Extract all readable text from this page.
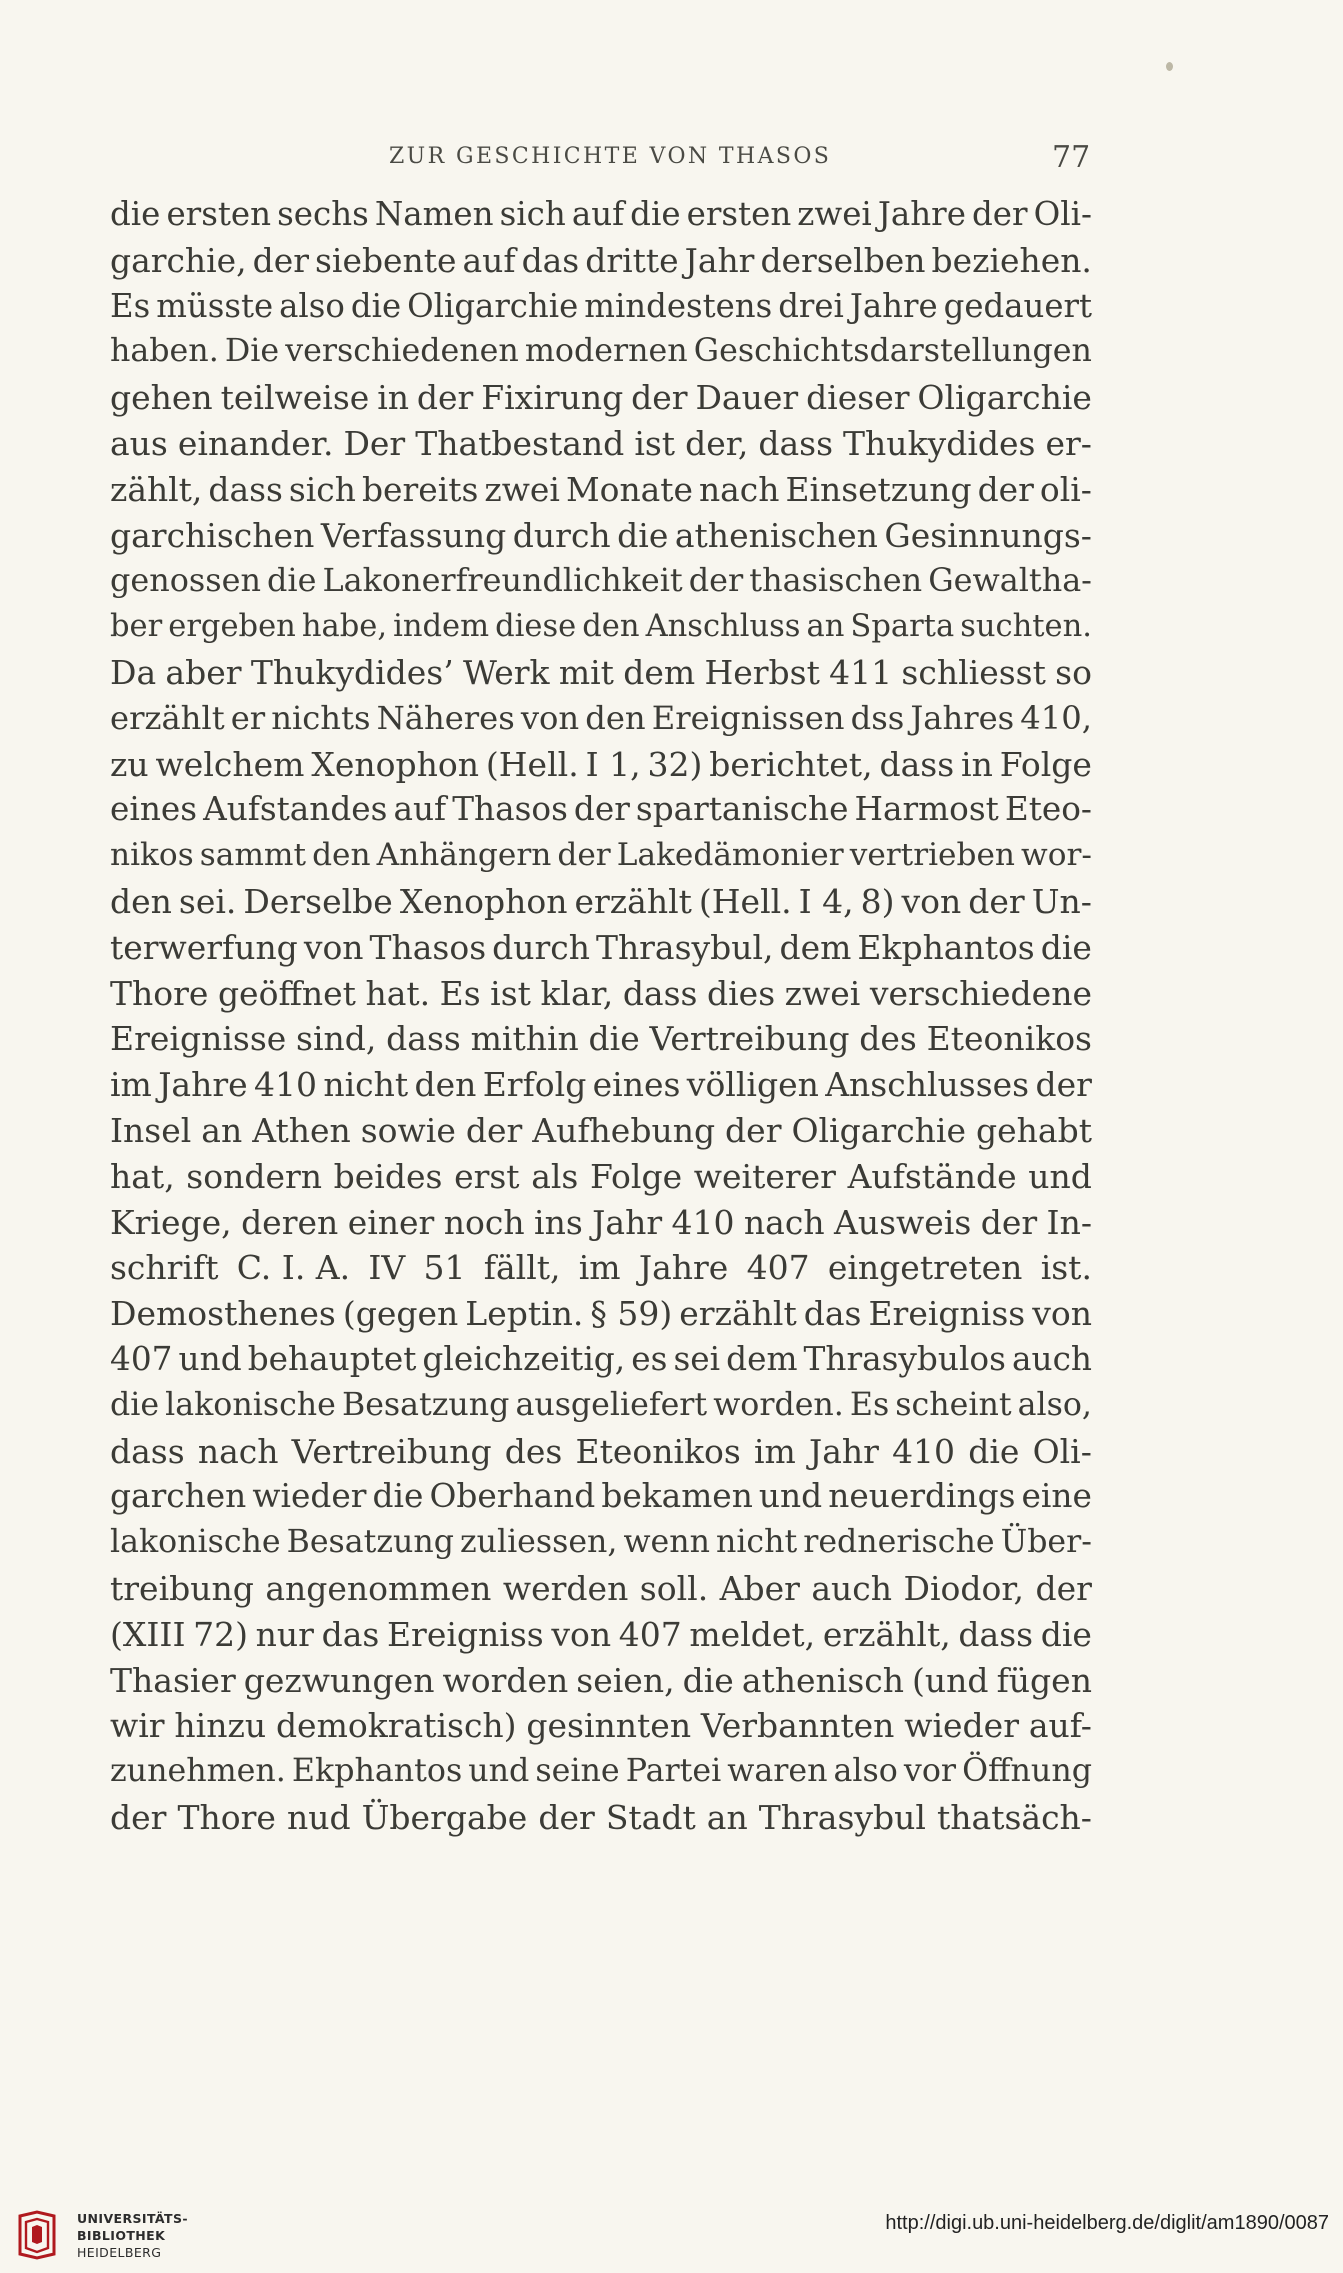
ZUR GESCHICHTE VON THASOS	77
die ersten sechs Namen sich auf die ersten zwei Jahre der Oli-
garchie, der siebente auf das dritte Jahr derselben beziehen.
Es müsste also die Oligarchie mindestens drei Jahre gedauert
haben. Die verschiedenen modernen Geschichtsdarstellungen
gehen teilweise in der Fixirung der Dauer dieser Oligarchie
aus einander. Der Thatbestand ist der, dass Thukydides er-
zählt, dass sich bereits zwei Monate nach Einsetzung der oli-
garchischen Verfassung durch die athenischen Gesinnungs-
genossen die Lakonerfreundlichkeit der thasischen Gewaltha-
ber ergeben habe, indem diese den Anschluss an Sparta suchten.
Da aber Thukydides’ Werk mit dem Herbst 411 schliesst so
erzählt er nichts Näheres von den Ereignissen dss Jahres 410,
zu welchem Xenophon (Hell. I 1, 32) berichtet, dass in Folge
eines Aufstandes auf Thasos der spartanische Harmost Eteo-
nikos sammt den Anhängern der Lakedämonier vertrieben wor-
den sei. Derselbe Xenophon erzählt (Hell. I 4, 8) von der Un-
terwerfung von Thasos durch Thrasybul, dem Ekphantos die
Thore geöffnet hat. Es ist klar, dass dies zwei verschiedene
Ereignisse sind, dass mithin die Vertreibung des Eteonikos
im Jahre 410 nicht den Erfolg eines völligen Anschlusses der
Insel an Athen sowie der Aufhebung der Oligarchie gehabt
hat, sondern beides erst als Folge weiterer Aufstände und
Kriege, deren einer noch ins Jahr 410 nach Ausweis der In-
schrift C. I. A. IV 51 fällt, im Jahre 407 eingetreten ist.
Demosthenes (gegen Leptin. § 59) erzählt das Ereigniss von
407 und behauptet gleichzeitig, es sei dem Thrasybulos auch
die lakonische Besatzung ausgeliefert worden. Es scheint also,
dass nach Vertreibung des Eteonikos im Jahr 410 die Oli-
garchen wieder die Oberhand bekamen und neuerdings eine
lakonische Besatzung zuliessen, wenn nicht rednerische Über-
treibung angenommen werden soll. Aber auch Diodor, der
(XIII 72) nur das Ereigniss von 407 meldet, erzählt, dass die
Thasier gezwungen worden seien, die athenisch (und fügen
wir hinzu demokratisch) gesinnten Verbannten wieder auf-
zunehmen. Ekphantos und seine Partei waren also vor Öffnung
der Thore nud Übergabe der Stadt an Thrasybul thatsäch-
UNIVERSITÄTS-
BIBLIOTHEK
HEIDELBERG
http://digi.ub.uni-heidelberg.de/diglit/am1890/0087
